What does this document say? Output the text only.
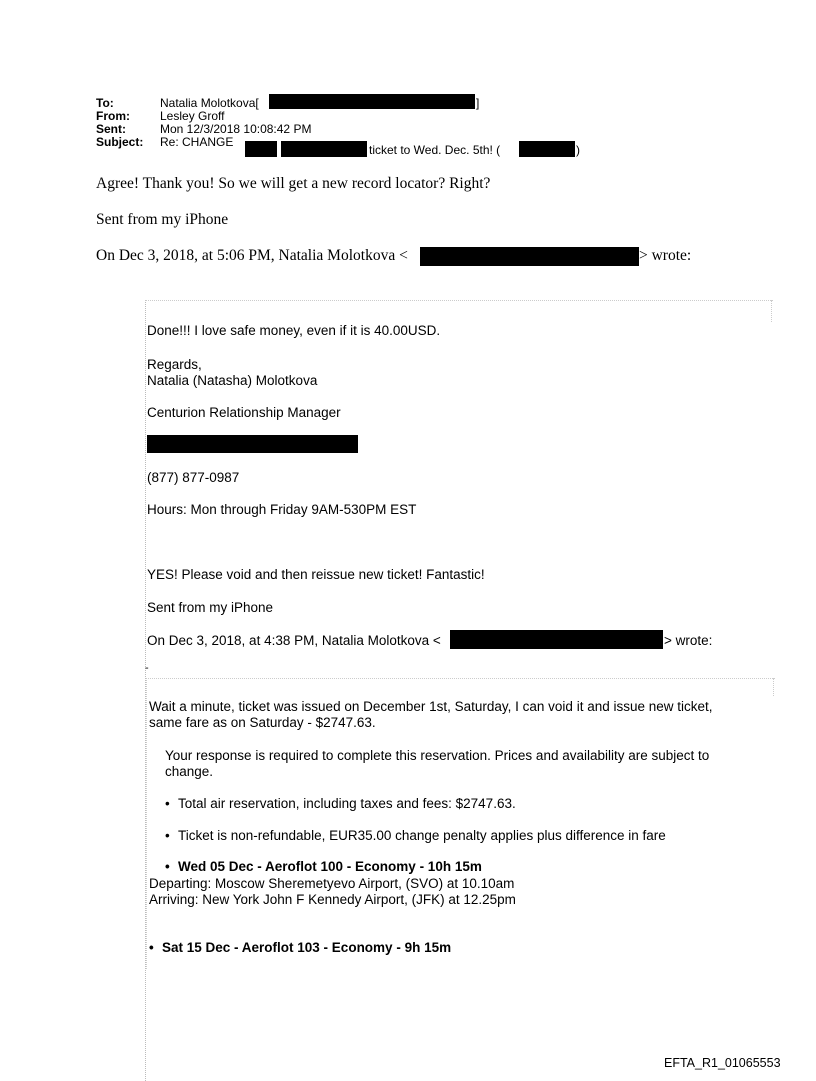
To:	Natalia Molotkova[	]
From:	Lesley Groff
Sent:	Mon 12/3/2018 10:08:42 PM
Subject: Re: CHANGE
ticket to Wed. Dec. 5th! (	)
Agree! Thank you! So we will get a new record locator? Right?
Sent from my iPhone
On Dec 3, 2018, at 5:06 PM, Natalia Molotkova <	> wrote:
Done!!! I love safe money, even if it is 40.00USD.
Regards,
Natalia (Natasha) Molotkova
Centurion Relationship Manager
(877) 877-0987
Hours: Mon through Friday 9AM-530PM EST
YES! Please void and then reissue new ticket! Fantastic!
Sent from my iPhone
On Dec 3, 2018, at 4:38 PM, Natalia Molotkova <	> wrote:
-
Wait a minute, ticket was issued on December 1st, Saturday, I can void it and issue new ticket,
same fare as on Saturday - $2747.63.
Your response is required to complete this reservation. Prices and availability are subject to
change.
• Total air reservation, including taxes and fees: $2747.63.
• Ticket is non-refundable, EUR35.00 change penalty applies plus difference in fare
• Wed 05 Dec - Aeroflot 100 - Economy - 10h 15m
Departing: Moscow Sheremetyevo Airport, (SVO) at 10.10am
Arriving: New York John F Kennedy Airport, (JFK) at 12.25pm
• Sat 15 Dec - Aeroflot 103 - Economy - 9h 15m
EFTA_R1_01065553
